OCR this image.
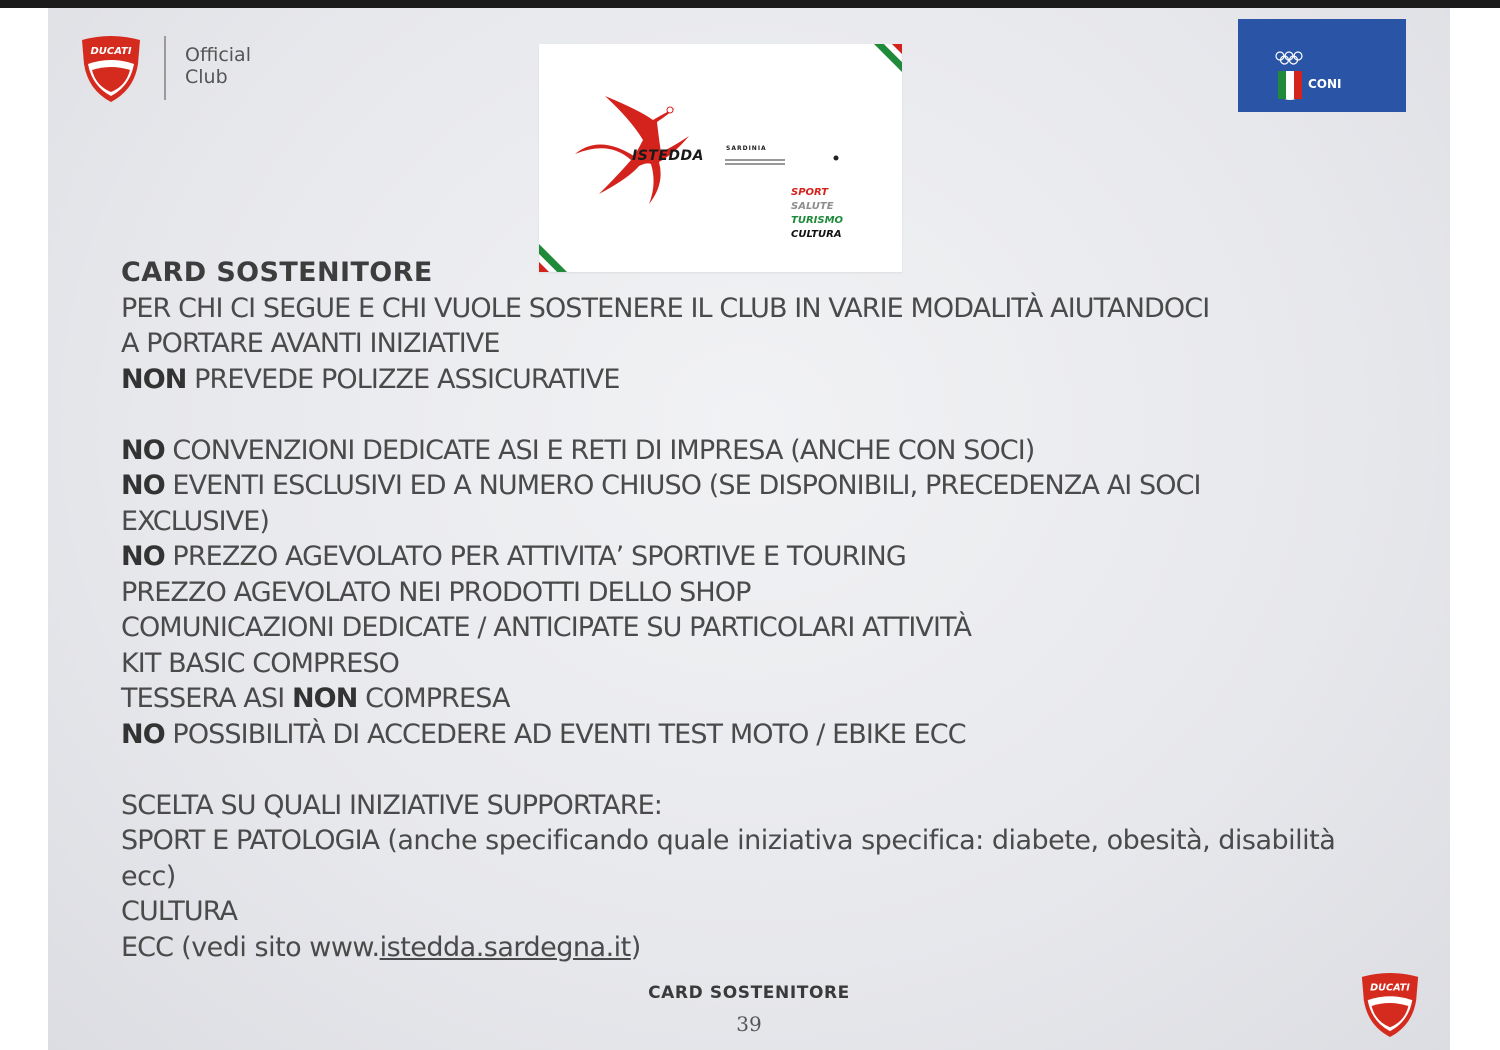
DUCATI	Official
Club
ISTEDDA	SARDINIA
SPORT
SALUTE
TURISMO
CULTURA
CONI

CARD SOSTENITORE

PER CHI CI SEGUE E CHI VUOLE SOSTENERE IL CLUB IN VARIE MODALITÀ AIUTANDOCI

A PORTARE AVANTI INIZIATIVE

NON PREVEDE POLIZZE ASSICURATIVE

NO CONVENZIONI DEDICATE ASI E RETI DI IMPRESA (ANCHE CON SOCI)

NO EVENTI ESCLUSIVI ED A NUMERO CHIUSO (SE DISPONIBILI, PRECEDENZA AI SOCI

EXCLUSIVE)

NO PREZZO AGEVOLATO PER ATTIVITA’ SPORTIVE E TOURING

PREZZO AGEVOLATO NEI PRODOTTI DELLO SHOP

COMUNICAZIONI DEDICATE / ANTICIPATE SU PARTICOLARI ATTIVITÀ

KIT BASIC COMPRESO

TESSERA ASI NON COMPRESA

NO POSSIBILITÀ DI ACCEDERE AD EVENTI TEST MOTO / EBIKE ECC

SCELTA SU QUALI INIZIATIVE SUPPORTARE:

SPORT E PATOLOGIA (anche specificando quale iniziativa specifica: diabete, obesità, disabilità

ecc)

CULTURA

ECC (vedi sito www.istedda.sardegna.it)

CARD SOSTENITORE
39
DUCATI
